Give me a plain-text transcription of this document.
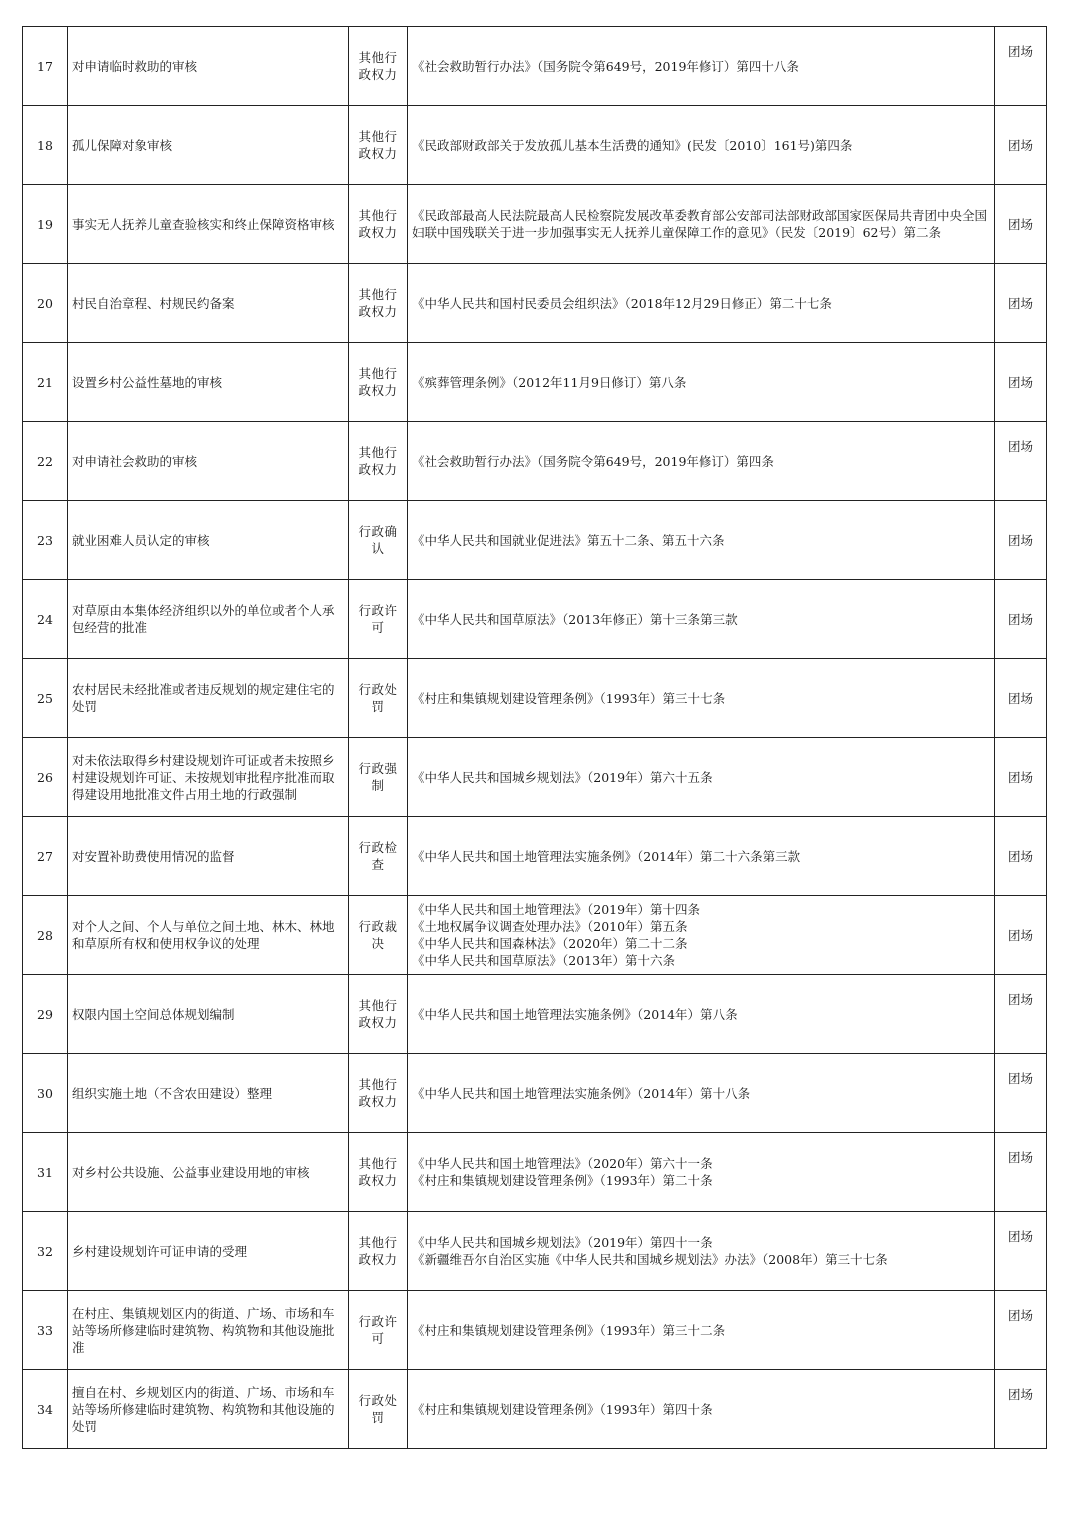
17	对申请临时救助的审核	其他行政权力	《社会救助暂行办法》（国务院令第649号，2019年修订）第四十八条	团场
18	孤儿保障对象审核	其他行政权力	《民政部财政部关于发放孤儿基本生活费的通知》(民发〔2010〕161号)第四条	团场
19	事实无人抚养儿童查验核实和终止保障资格审核	其他行政权力	《民政部最高人民法院最高人民检察院发展改革委教育部公安部司法部财政部国家医保局共青团中央全国妇联中国残联关于进一步加强事实无人抚养儿童保障工作的意见》（民发〔2019〕62号）第二条	团场
20	村民自治章程、村规民约备案	其他行政权力	《中华人民共和国村民委员会组织法》（2018年12月29日修正）第二十七条	团场
21	设置乡村公益性墓地的审核	其他行政权力	《殡葬管理条例》（2012年11月9日修订）第八条	团场
22	对申请社会救助的审核	其他行政权力	《社会救助暂行办法》（国务院令第649号，2019年修订）第四条	团场
23	就业困难人员认定的审核	行政确认	《中华人民共和国就业促进法》第五十二条、第五十六条	团场
24	对草原由本集体经济组织以外的单位或者个人承包经营的批准	行政许可	《中华人民共和国草原法》（2013年修正）第十三条第三款	团场
25	农村居民未经批准或者违反规划的规定建住宅的处罚	行政处罚	《村庄和集镇规划建设管理条例》（1993年）第三十七条	团场
26	对未依法取得乡村建设规划许可证或者未按照乡村建设规划许可证、未按规划审批程序批准而取得建设用地批准文件占用土地的行政强制	行政强制	《中华人民共和国城乡规划法》（2019年）第六十五条	团场
27	对安置补助费使用情况的监督	行政检查	《中华人民共和国土地管理法实施条例》（2014年）第二十六条第三款	团场
28	对个人之间、个人与单位之间土地、林木、林地和草原所有权和使用权争议的处理	行政裁决	《中华人民共和国土地管理法》（2019年）第十四条
《土地权属争议调查处理办法》（2010年）第五条
《中华人民共和国森林法》（2020年）第二十二条
《中华人民共和国草原法》（2013年）第十六条	团场
29	权限内国土空间总体规划编制	其他行政权力	《中华人民共和国土地管理法实施条例》（2014年）第八条	团场
30	组织实施土地（不含农田建设）整理	其他行政权力	《中华人民共和国土地管理法实施条例》（2014年）第十八条	团场
31	对乡村公共设施、公益事业建设用地的审核	其他行政权力	《中华人民共和国土地管理法》（2020年）第六十一条
《村庄和集镇规划建设管理条例》（1993年）第二十条	团场
32	乡村建设规划许可证申请的受理	其他行政权力	《中华人民共和国城乡规划法》（2019年）第四十一条
《新疆维吾尔自治区实施《中华人民共和国城乡规划法》办法》（2008年）第三十七条	团场
33	在村庄、集镇规划区内的街道、广场、市场和车站等场所修建临时建筑物、构筑物和其他设施批准	行政许可	《村庄和集镇规划建设管理条例》（1993年）第三十二条	团场
34	擅自在村、乡规划区内的街道、广场、市场和车站等场所修建临时建筑物、构筑物和其他设施的处罚	行政处罚	《村庄和集镇规划建设管理条例》（1993年）第四十条	团场
